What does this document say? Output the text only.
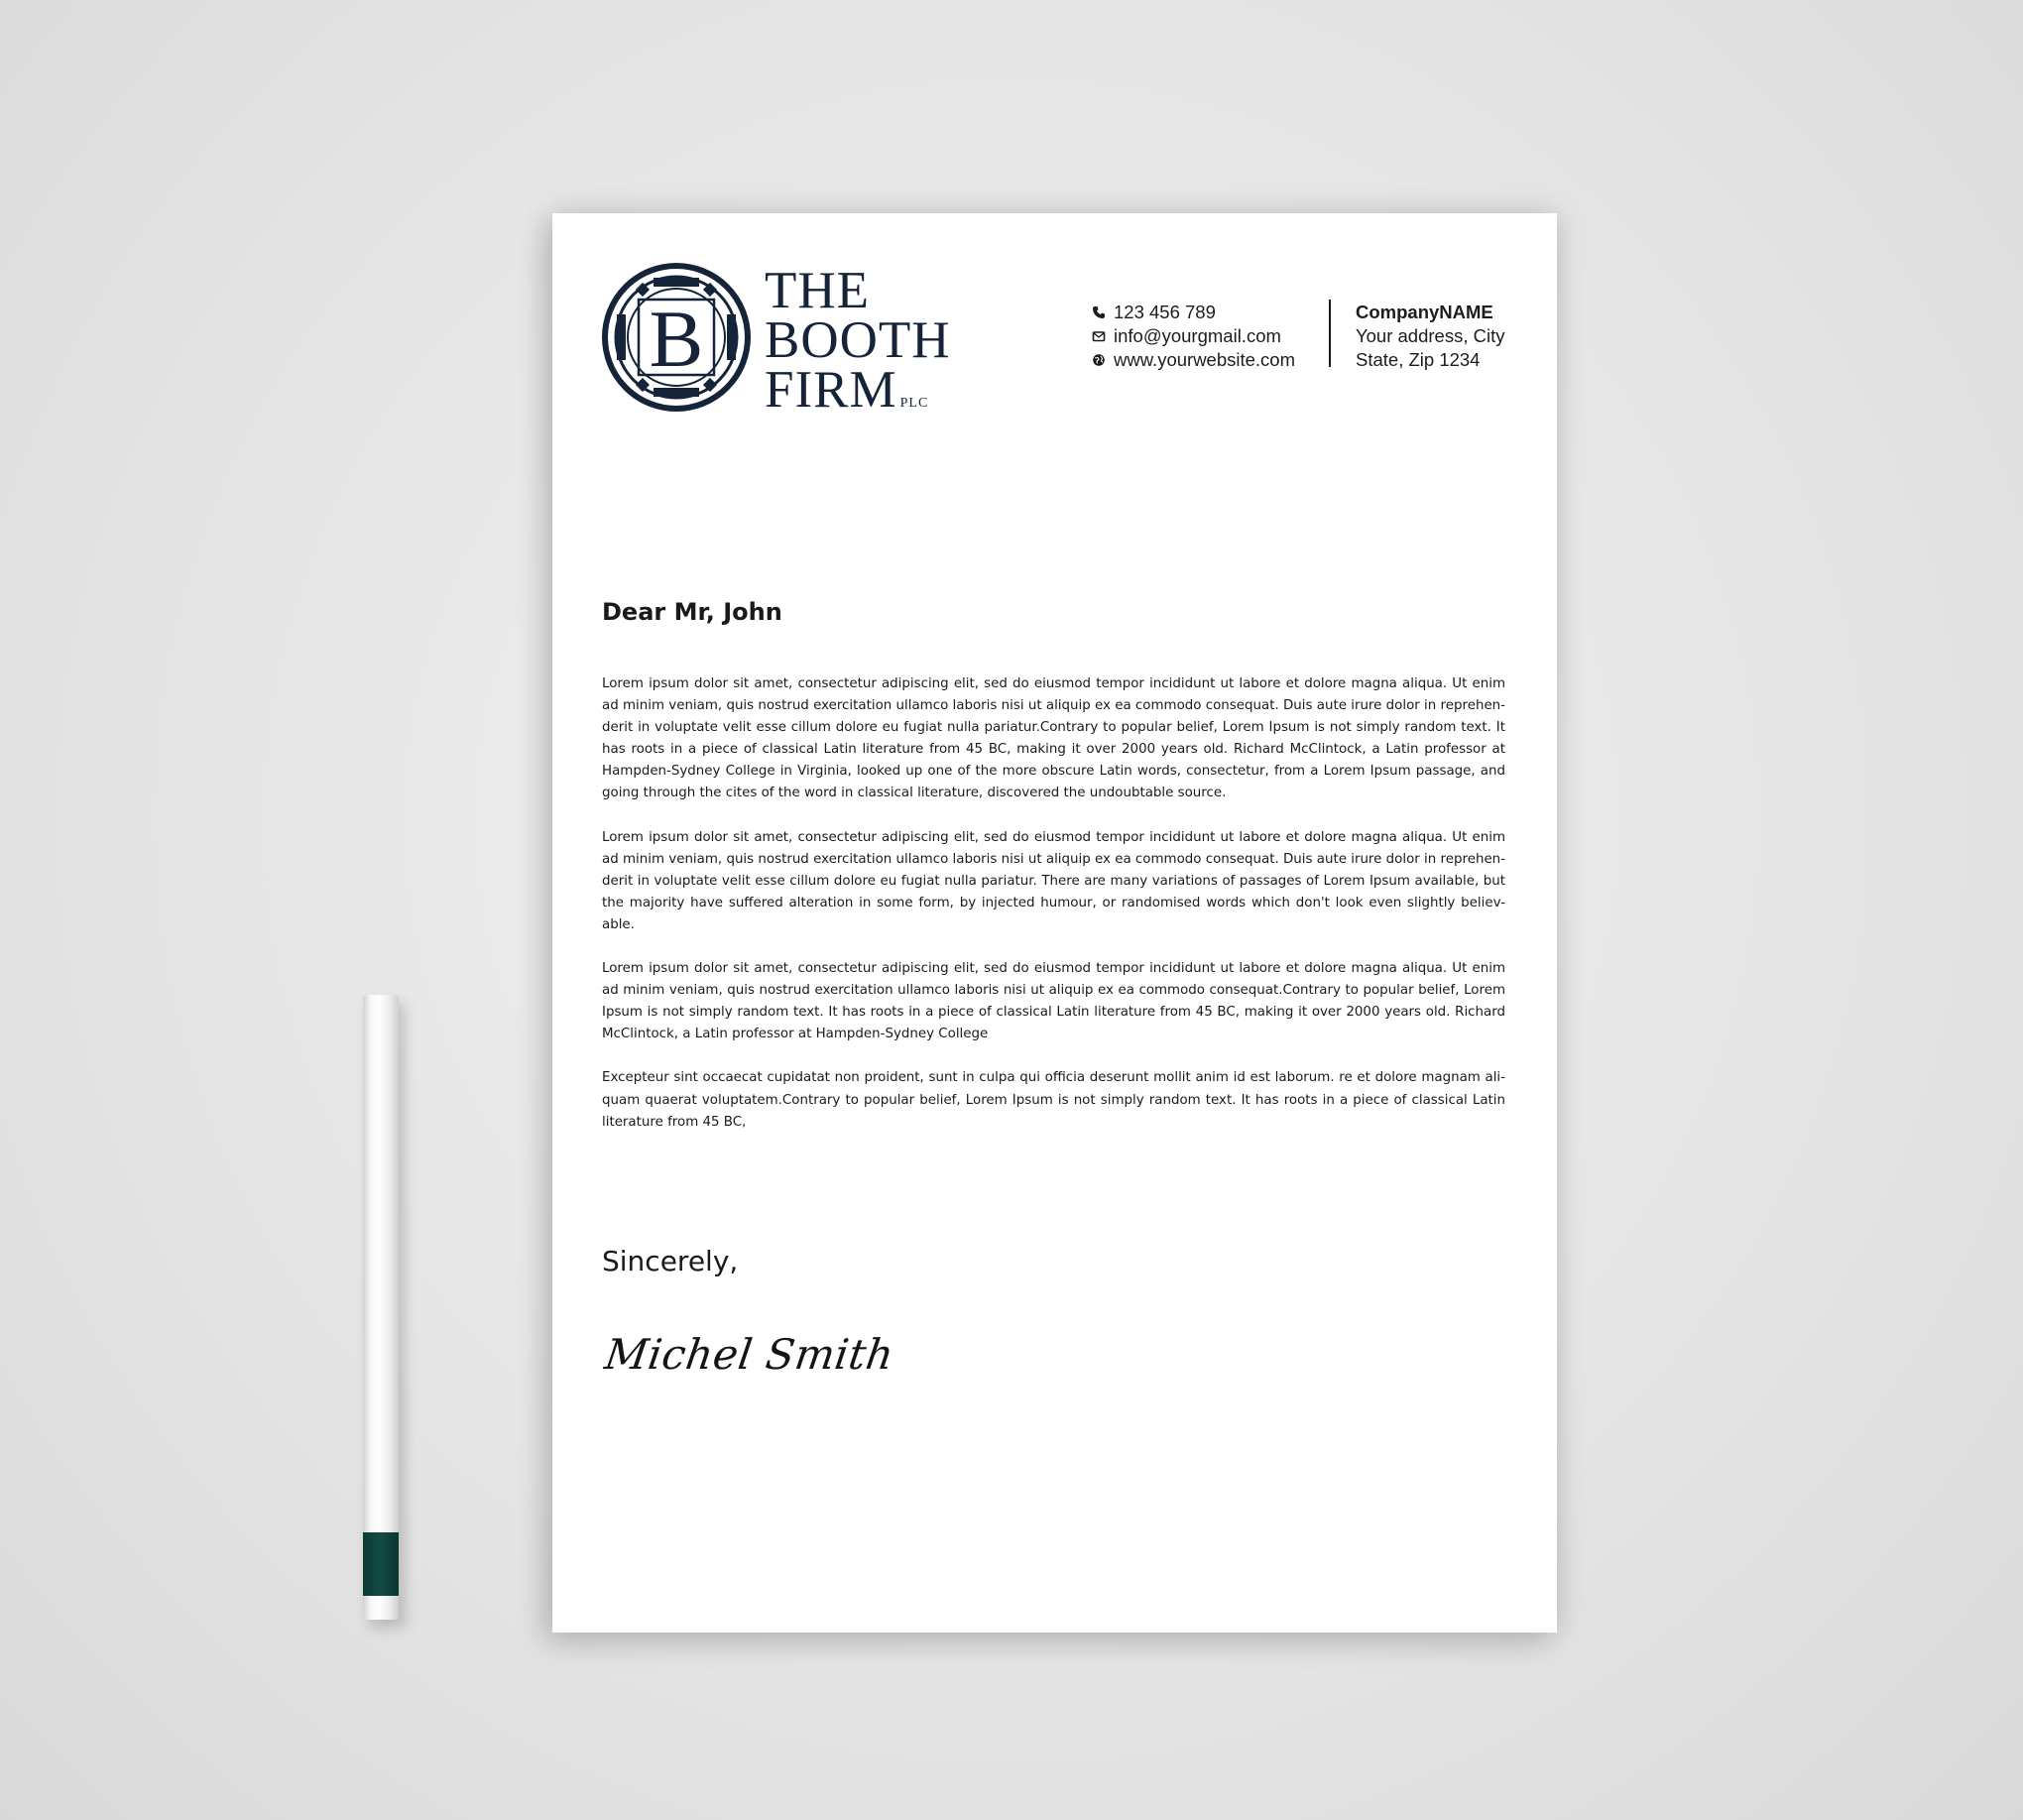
B
THE
BOOTH
FIRM PLC
123 456 789
info@yourgmail.com
www.yourwebsite.com
CompanyNAME
Your address, City
State, Zip 1234
Dear Mr, John

Lorem ipsum dolor sit amet, consectetur adipiscing elit, sed do eiusmod tempor incididunt ut labore et dolore magna aliqua. Ut enim ad minim veniam, quis nostrud exercitation ullamco laboris nisi ut aliquip ex ea commodo consequat. Duis aute irure dolor in reprehen-derit in voluptate velit esse cillum dolore eu fugiat nulla pariatur.Contrary to popular belief, Lorem Ipsum is not simply random text. It has roots in a piece of classical Latin literature from 45 BC, making it over 2000 years old. Richard McClintock, a Latin professor at Hampden-Sydney College in Virginia, looked up one of the more obscure Latin words, consectetur, from a Lorem Ipsum passage, and going through the cites of the word in classical literature, discovered the undoubtable source.

Lorem ipsum dolor sit amet, consectetur adipiscing elit, sed do eiusmod tempor incididunt ut labore et dolore magna aliqua. Ut enim ad minim veniam, quis nostrud exercitation ullamco laboris nisi ut aliquip ex ea commodo consequat. Duis aute irure dolor in reprehen-derit in voluptate velit esse cillum dolore eu fugiat nulla pariatur. There are many variations of passages of Lorem Ipsum available, but the majority have suffered alteration in some form, by injected humour, or randomised words which don't look even slightly believ-able.

Lorem ipsum dolor sit amet, consectetur adipiscing elit, sed do eiusmod tempor incididunt ut labore et dolore magna aliqua. Ut enim ad minim veniam, quis nostrud exercitation ullamco laboris nisi ut aliquip ex ea commodo consequat.Contrary to popular belief, Lorem Ipsum is not simply random text. It has roots in a piece of classical Latin literature from 45 BC, making it over 2000 years old. Richard McClintock, a Latin professor at Hampden-Sydney College

Excepteur sint occaecat cupidatat non proident, sunt in culpa qui officia deserunt mollit anim id est laborum. re et dolore magnam ali-quam quaerat voluptatem.Contrary to popular belief, Lorem Ipsum is not simply random text. It has roots in a piece of classical Latin literature from 45 BC,

Sincerely,
Michel Smith
